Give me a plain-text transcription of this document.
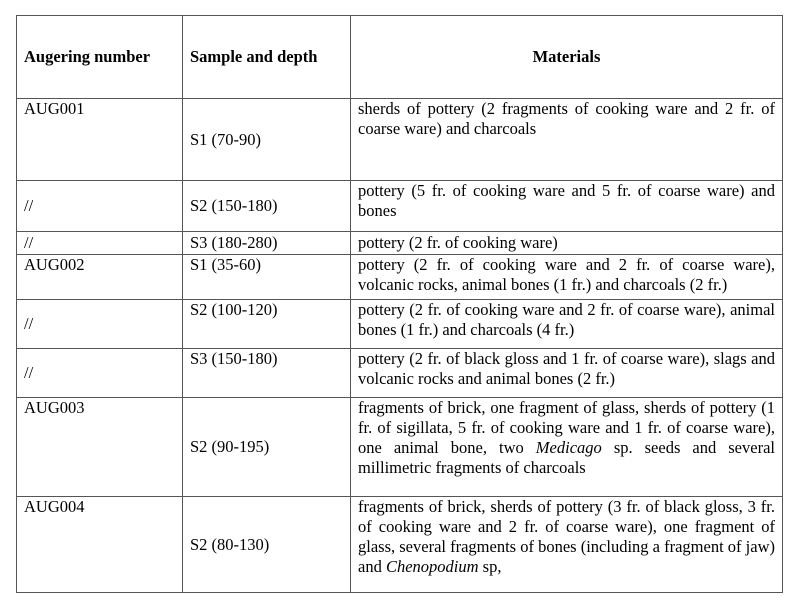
Augering number	Sample and depth	Materials
AUG001	S1 (70-90)	sherds of pottery (2 fragments of cooking ware and 2 fr. of coarse ware) and charcoals
//	S2 (150-180)	pottery (5 fr. of cooking ware and 5 fr. of coarse ware) and bones
//	S3 (180-280)	pottery (2 fr. of cooking ware)
AUG002	S1 (35-60)	pottery (2 fr. of cooking ware and 2 fr. of coarse ware), volcanic rocks, animal bones (1 fr.) and charcoals (2 fr.)
//	S2 (100-120)	pottery (2 fr. of cooking ware and 2 fr. of coarse ware), animal bones (1 fr.) and charcoals (4 fr.)
//	S3 (150-180)	pottery (2 fr. of black gloss and 1 fr. of coarse ware), slags and volcanic rocks and animal bones (2 fr.)
AUG003	S2 (90-195)	fragments of brick, one fragment of glass, sherds of pottery (1 fr. of sigillata, 5 fr. of cooking ware and 1 fr. of coarse ware), one animal bone, two Medicago sp. seeds and several millimetric fragments of charcoals
AUG004	S2 (80-130)	fragments of brick, sherds of pottery (3 fr. of black gloss, 3 fr. of cooking ware and 2 fr. of coarse ware), one fragment of glass, several fragments of bones (including a fragment of jaw) and Chenopodium sp,
